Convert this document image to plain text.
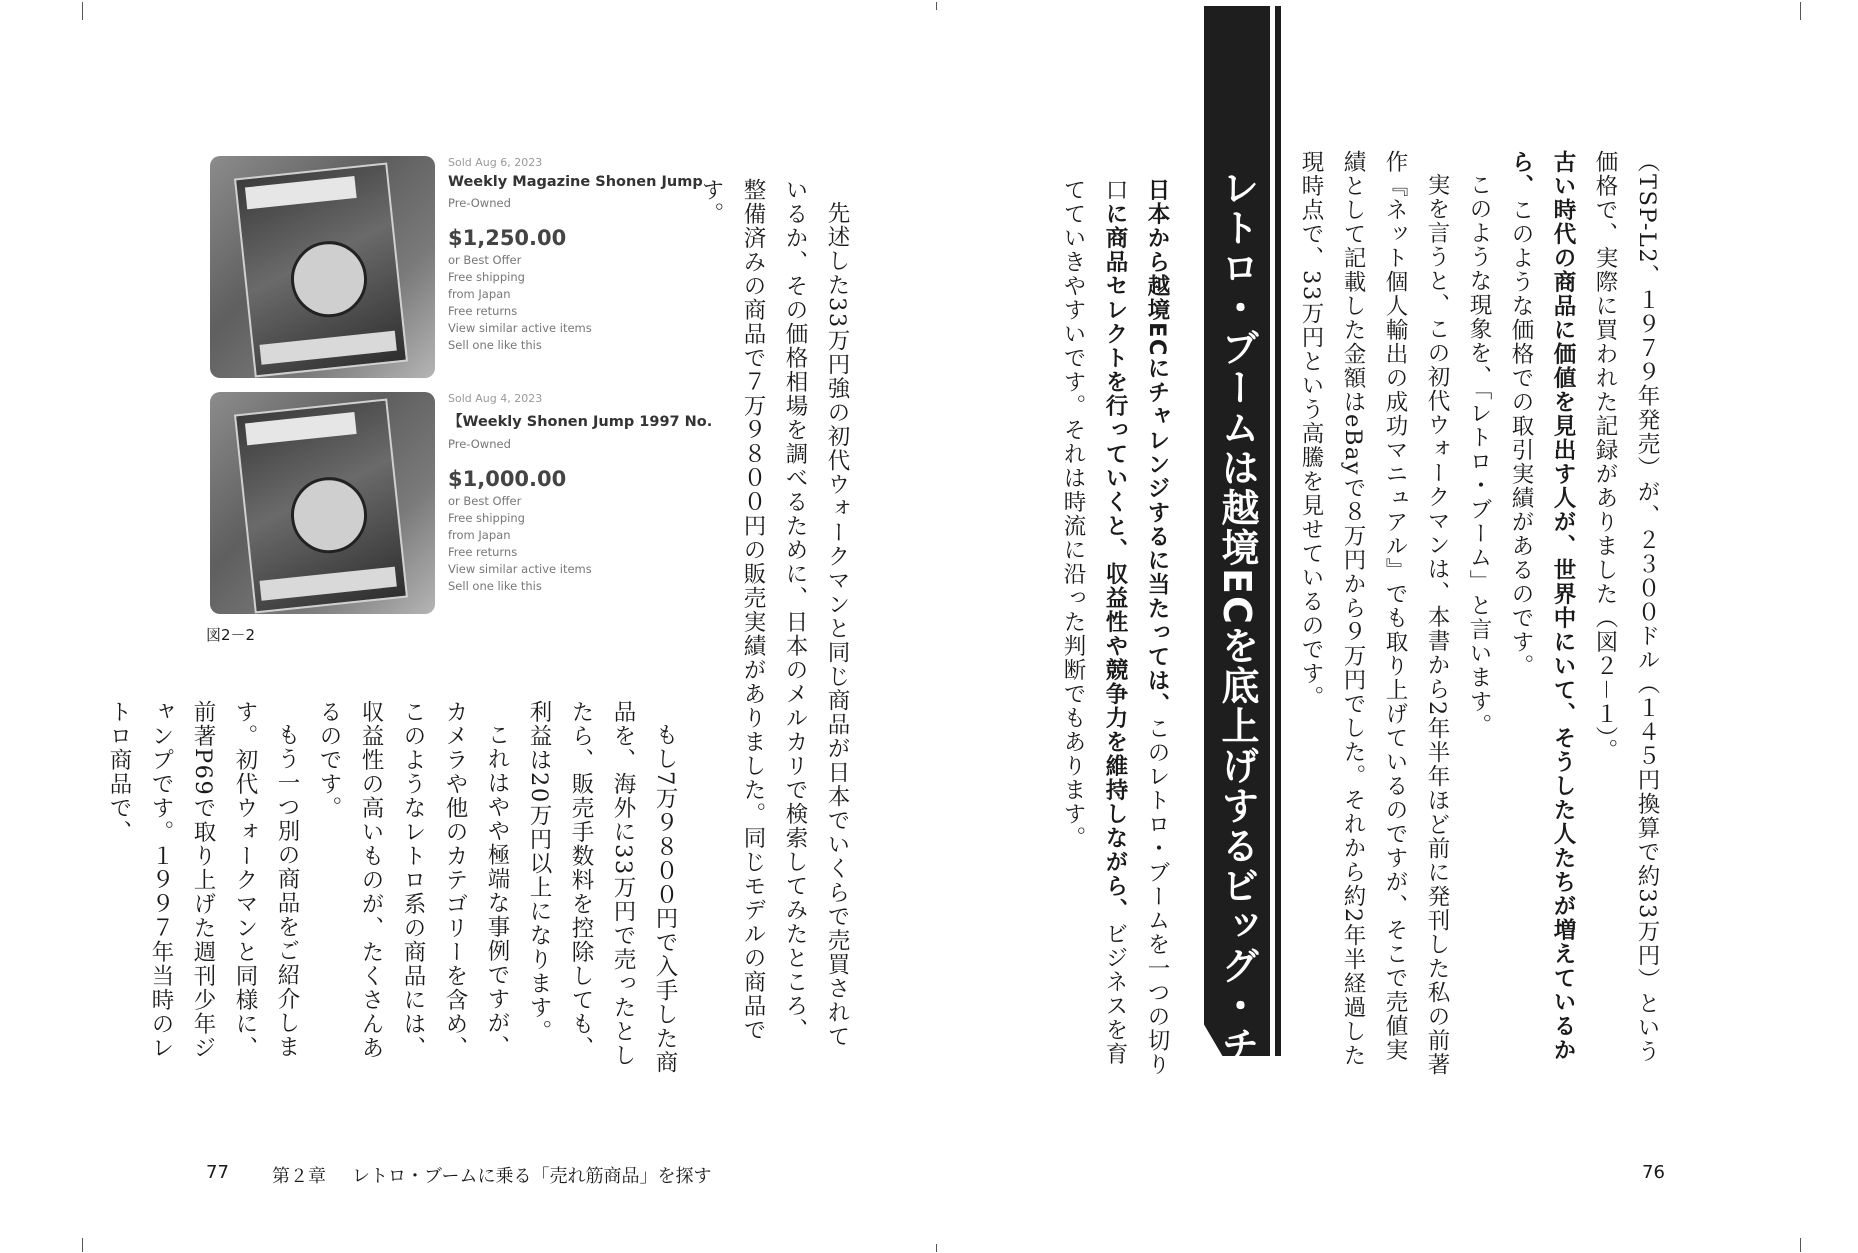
（TSP-L2、１９７９年発売）が、２３００ドル（１４５円換算で約33万円）という価格で、実際に買われた記録がありました（図２－１）。

古い時代の商品に価値を見出す人が、世界中にいて、そうした人たちが増えているから、このような価格での取引実績があるのです。

このような現象を、「レトロ・ブーム」と言います。

実を言うと、この初代ウォークマンは、本書から2年半年ほど前に発刊した私の前著作『ネット個人輸出の成功マニュアル』でも取り上げているのですが、そこで売値実績として記載した金額はeBayで８万円から９万円でした。それから約2年半経過した現時点で、33万円という高騰を見せているのです。

レトロ・ブームは越境ECを底上げするビッグ・チャンス

日本から越境ECにチャレンジするに当たっては、このレトロ・ブームを一つの切り口に商品セレクトを行っていくと、収益性や競争力を維持しながら、ビジネスを育てていきやすいです。それは時流に沿った判断でもあります。

76

先述した33万円強の初代ウォークマンと同じ商品が日本でいくらで売買されているか、その価格相場を調べるために、日本のメルカリで検索してみたところ、整備済みの商品で７万９８００円の販売実績がありました。同じモデルの商品です。

もし7万９８００円で入手した商品を、海外に33万円で売ったとしたら、販売手数料を控除しても、利益は20万円以上になります。

これはやや極端な事例ですが、カメラや他のカテゴリーを含め、このようなレトロ系の商品には、収益性の高いものが、たくさんあるのです。

もう一つ別の商品をご紹介します。初代ウォークマンと同様に、前著P69で取り上げた週刊少年ジャンプです。１９９７年当時のレトロ商品で、

Sold Aug 6, 2023
Weekly Magazine Shonen Jump
Pre-Owned
$1,250.00
or Best Offer
Free shipping
from Japan
Free returns
View similar active items
Sell one like this
Sold Aug 4, 2023
【Weekly Shonen Jump 1997 No.
Pre-Owned
$1,000.00
or Best Offer
Free shipping
from Japan
Free returns
View similar active items
Sell one like this
図2－2
77 第２章 レトロ・ブームに乗る「売れ筋商品」を探す
